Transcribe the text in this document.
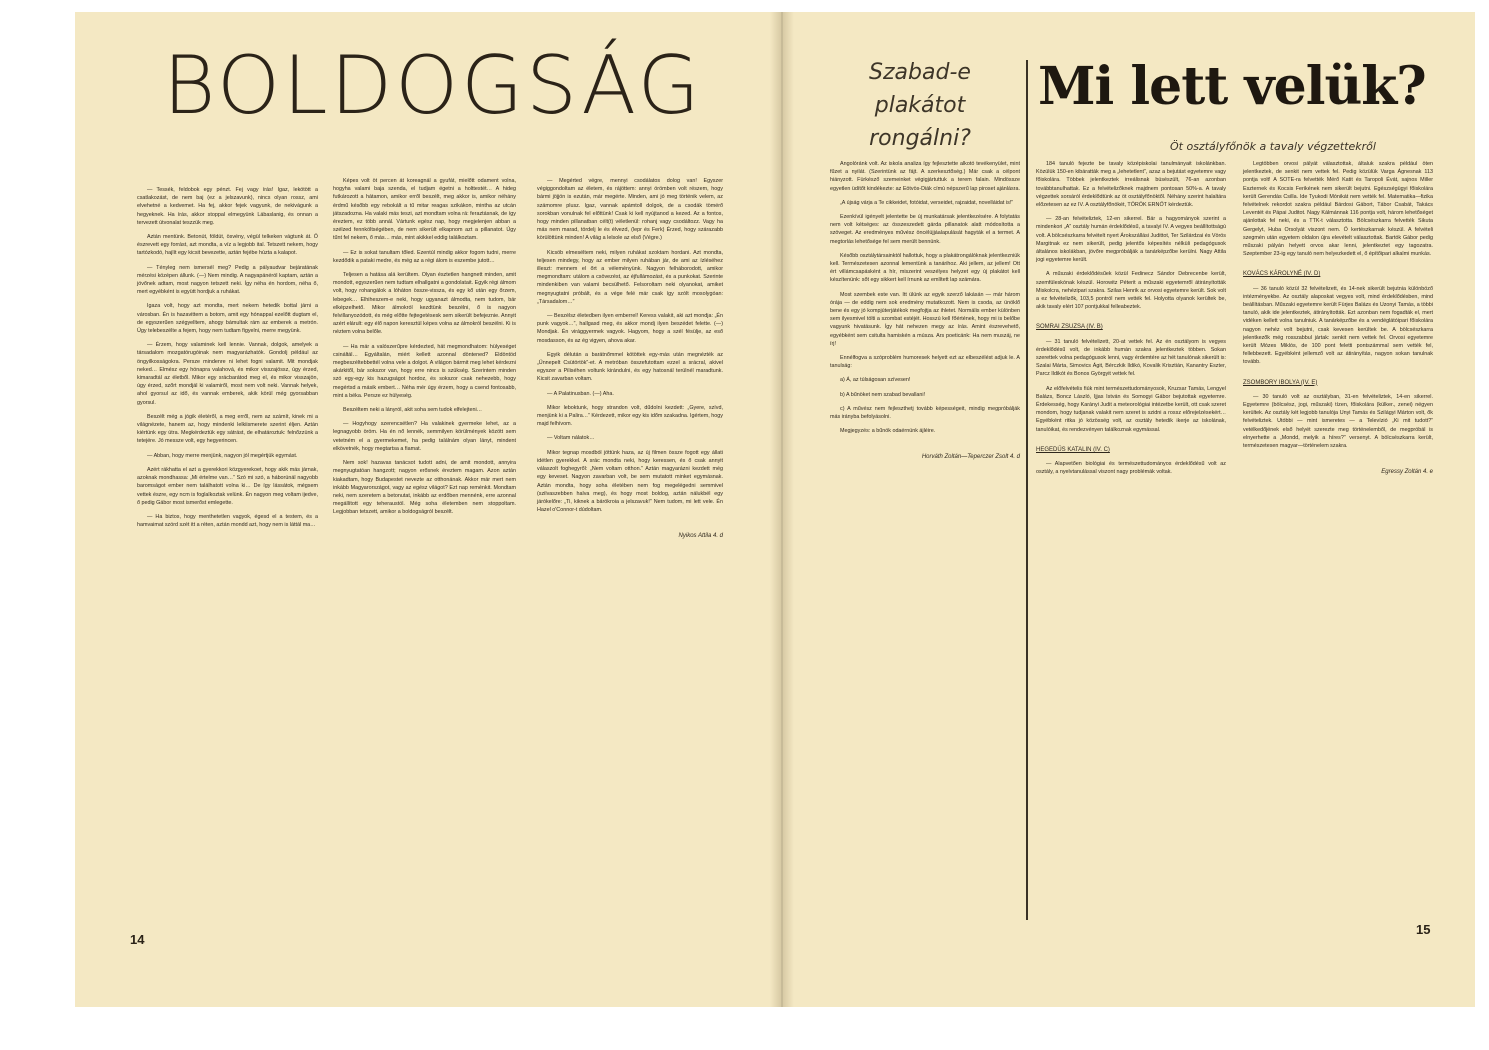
BOLDOGSÁG

— Tessék, feldobok egy pénzt. Fej vagy írás! Igaz, lekötött a csatlakozást, de nem baj (ez a jelszavunk), nincs olyan rossz, ami elvehetné a kedvemet. Ha fej, akkor fejek vagyunk, de nekivágunk a hegyeknek. Ha írás, akkor stoppal elmegyünk Lábaslanig, és onnan a tervezett útvonalat teszzük meg.

Aztán mentünk. Betonút, földút, ösvény, végül telkeken vágtunk át. Ő észrevett egy forrást, azt mondta, a víz a legjobb ital. Tetszett nekem, hogy tartózkodó, hajlít egy kicsit bevezette, aztán fejébe húzta a kalapot.

— Tényleg nem ismersél meg? Pedig a pályaudvar bejáratának mérzési középen állunk. (—) Nem mindig. A nagyapánéról kaptam, aztán a jövőnek adtam, most nagyon tetszett neki. Így néha én hordom, néha ő, mert egyébként is együtt hordjuk a ruhákat.

Igaza volt, hogy azt mondta, mert nekem hetedik bottal járni a városban. Én is hazavittem a botom, amit egy hónappal ezelőtt dugtam el, de egyszerűen szégyelltem, ahogy bámultak rám az emberek a metrón. Úgy telebeszélte a fejem, hogy nem tudtam figyelni, merre megyünk.

— Érzem, hogy valaminek kell lennie. Vannak, dolgok, amelyek a társadalom mozgatórugóinak nem magyarázhatók. Gondolj például az öngyilkosságokra. Persze mindenre ni lehet fogni valamit. Mit mondjak neked… Elmész egy hónapra valahová, és mikor visszajössz, úgy érzed, kimaradtál az életből. Mikor egy srácbarátod meg el, és mikor visszajön, úgy érzed, szőrt mondjál ki valamiről, most nem volt neki. Vannak helyek, ahol gyorsul az idő, és vannak emberek, akik körül még gyorsabban gyorsul.

Beszélt még a jógik életéről, a meg erről, nem az számít, kinek mi a világnézete, hanem az, hogy mindenki lelkiismerete szerint éljen. Aztán kiértünk egy útra. Megkérdeztük egy sátrást, de elhatároztuk: felnőzzünk a tetejére. Jó messze volt, egy hegyerincen.

— Abban, hogy merre menjünk, nagyon jól megértjük egymást.

Azért rákhatta el azt a gyerekkori közgyerekoet, hogy akik más járnak, azoknak mondhassa: „Mi értelme van…” Szó mi szó, a háborúnál nagyobb baromságot ember nem találhatott volna ki… De így lássátok, mégsem vettek észre, egy ncm is foglalkoztak velünk. Én nagyon meg voltam ijedve, ő pedig Gábor most ismerőst emlegette.

— Ha biztos, hogy menthetetlen vagyok, égesd el a testem, és a hamvaimat szórd szét itt a réten, aztán mondd azt, hogy nem is láttál ma…

Képes volt öt percen át koreagnál a gyufát, mielőtt odament volna, hogyha valami baja szenda, el tudjam égetni a holttestét… A hideg futkározott a hátamon, amikor erről beszélt, meg akkor is, amikor néhány érdmű később egy rebokált a tű mitar reagas szikákon, mintha az utcán játszadozna. Ha valaki más teszi, azt mondtam volna rá: feraztásnak, de így éreztem, ez több annál. Vártunk egész nap, hogy megjelenjen abban a szélzed fennköltségében, de nem sikerült elkapnom azt a pillanatot. Úgy tűnt fel nekem, ő más… más, mint akikkel eddig találkoztam.

— Ez is sokat tanultam tőled. Ezentúl mindig akkor fogom tudni, merre kezdődik a pataki medre, és még az a régi álom is eszembe jutott…

Teljesen a hatása alá kerültem. Olyan észtetlen hangnett minden, amit mondott, egyszerűen nem tudtam elhallgatni a gondolatait. Egyik régi álmom volt, hogy rohangálok a lóháton össze-vissza, és egy kő után egy őrzem, lebegek… Elhiheszem-e neki, hogy ugyanazt álmodta, nem tudom, bár elképzelhető. Mikor álmokról kezdtünk beszélni, ő is nagyon felvillanyozódott, és még előtte fejtegetésesk sem sikerült befejeznie. Annyit azért elárult: egy élő napon keresztül képes volna az álmokról beszélni. Ki is néztem volna belőle.

— Ha már a valószerűpre kérdezted, hát megmondhatom: hülyeséget csináltál… Egyáltalán, miért kellett azonnal döntened? Eldöntöd megbeszéltebbettél volna vele a dolgot. A világon bármit meg lehet kérdezni akárkitől, bár sokszor van, hogy erre nincs is szükség. Szerintem minden szó egy-egy kis hazugságot hordoz, és sokszor csak nehezebb, hogy megértsd a másik embert… Néha mér úgy érzem, hogy a csend fontosabb, mint a béka. Persze ez hülyeség.

Beszéltem neki a lányról, akit soha sem tudok elfelejteni…

— Hogyhogy szerencsétlen? Ha valakinek gyermeke lehet, az a legnagyobb öröm. Ha én nő lennék, semmilyen körülmények között sem vetetném el a gyermekemet, ha pedig találnám olyan lányt, mindent elkövetnék, hogy megtartsa a fiamat.

Nem sok! hazavas tanácsot tudott adni, de amit mondott, annyira megnyugtatóan hangzott; nagyon erősnek éreztem magam. Azon aztán kiakadtam, hogy Budapestet nevezte az otthonának. Akkor már mert nem inkább Magyarországot, vagy az egész világot? Ezt nap reménkit. Mondtam neki, nem szeretem a betonutat, inkább az erdőben mennénk, erre azonnal megállított egy teheraustól. Még soha életemben nem stoppoltam. Legjobban tetszett, amikor a boldogságról beszélt.

— Megérted végre, mennyi csodálatos dolog van! Egyszer végiggondoltam az életem, és rájöttem: annyi örömben volt részem, hogy bármi jöjjön is ezután, már megérte. Minden, ami jó meg történik velem, az számomre plusz. Igaz, vannak apámtoll dolgok, de a csodák tömérő sorokban vonulnak fel előttünk! Csak ki kell nyújtanod a kezed. Az a fontos, hogy minden pillanatban célt(t) véletlenül: rohanj vagy csodáltozz. Vagy ha más nem marad, tördelj le és élvezd, (lepr és Ferk) Érzed, hogy szárazabb körülöttünk minden! A világ a lelsole az első (Végre.)

Kicsöb elmeséltem neki, milyen ruhákat szoktam hordani. Azt mondta, teljesen mindegy, hogy az ember milyen ruhában jár, de ami az ízléséhez illeszt: mennem el őrt a véleményünk. Nagyon felháborodott, amikor megmondtam: utálom a csövezést, az éjfullámozást, és a punkokat. Szerinte mindenkiben van valami becsülhető. Felsoroltam neki olyanokat, amiket megnyugtatni próbált, és a vége felé már csak így szólt mosolygóan: „Társadalom…”

— Beszélsz életedben ilyen emberrel! Keress valakit, aki azt mondja: „Én punk vagyok…”, hallgasd meg, és akkor mondj ilyen beszédet felette. (—) Mondjak. Én virággyermek vagyok. Hagyom, hogy a szél fésülje, az eső mosdasson, és az ég vigyen, ahova akar.

Egyik délután a barátnőmmel kötöttek egy-más után megnézték az „Ünnepelt Csütörtök”-et. A metróban összefutottam ezzel a srácral, akivel egyszer a Piliséhen voltunk kirándulni, és egy hatosnál terülnél maradtunk. Kicsit zavarban voltam.

— A Palatinusban. (—) Aha.

Mikor leboktunk, hogy strandon volt, dűdolni kezdett: „Gyere, szívd, menjünk ki a Palira…” Kérdezett, mikor egy kis időm szakadna. Igértem, hogy majd felhívom.

— Voltam nálatok…

Mikor tegnap mosdból jöttünk haza, az új filmen össze fogott egy állati idétlen gyerekkel. A srác mondta neki, hogy keressen, és ő csak annyit válaszolt foghegyről: „Nem voltam otthon.” Aztán magyarázni kezdett még egy keveset. Nagyon zavarban volt, be sem mutatott minket egymásnak. Aztán mondta, hogy soha életében nem fog megelégedni semmivel (szilvaszebben halva meg), és hogy most boldog, aztán nálukbél egy járókelőre: „Ti, kiknek a bárökroia a jelszavuk!” Nem tudom, mi lett vele. Én Hazel o'Connor-t dúdoltam.

Nyikos Attila 4. d

14
Szabad-e
plakátot
rongálni?
Mi lett velük?
Öt osztályfőnök a tavaly végzettekről

Angolóránk volt. Az iskola analiza így fejlesztette alkotó tevékenyület, mint fűzet a nyilát. (Szerintünk az fájt. A szerkesztőség.) Már csak a célpont hiányzott. Fürkésző szemeinket végigjártuttuk a terem falain. Mindössze egyetlen üdítőt kindékezte: az Eötvös-Diák címú népszerű lap piroset ajánlásra.

„A újság várja a Te cikkeidet, fotóidat, verseidet, rajzaidat, novelláidat is!”

Ezenkívül igényelt jelentette be új munkatársak jelentkezésére. A folytatás nem volt kétséges: az összeszedett gárda pillanatok alatt módosította a szöveget. Az eredményes művész öncélújjáalapulását hagyták el a termet. A megtorlás lehetősége fel sem merült bennünk.

Később osztálytársainktól hallottuk, hogy a plakátrongálóknak jelentkezniük kell. Természetesen azonnal lementünk a tanárihoz. Aki jellem, az jellem! Ott ért villámcsapásként a hír, miszerint veszélyes helyzet egy új plakátot kell készítenünk: sőt egy sikkert kell írnunk az említett lap számára.

Most szembek este van. Itt ülünk az egyik szerző lakásán — már három órája — de eddig nem sok eredmény mutatkozott. Nem is csoda, az ünöklő bene és egy jó kompjúterjátékok megfojtja az ihletet. Normális ember különben sem ilyesmivel tölti a szombat estéjét. Hosszú kell főértének, hogy mi is belőbe vagyunk hivatásunk. Így hát nehezen megy az írás. Amint észrevehető, egyébként sem csitulta hamiskén a músza. Ars poeticánk: Ha nem muszáj, ne írj!

Ennélfogva a szóproblém humoresek helyett ezt az elbeszélést adjuk le. A tanulság:

a) Á, az túlságosan szívesen!

b) A bűnöket nem szabad bevallani!

c) A művész nem fejleszthetj tovább képességeit, mindig megpróbálják más irányba befolyásolni.

Megjegyzés: a bűnök odaérnünk ájléire.

Horváth Zoltán—Teperczer Zsolt 4. d

184 tanuló fejezte be tavaly középiskolai tanulmányait iskolánkban. Közülük 150-en kibáratták meg a „lehetetlent”, azaz a bejutást egyetemre vagy főiskolára. Többek jelentkeztek irreálisnak búsészült, 76-an azonban továbbtanulhattak. Ez a felvételizőknek majdnem pontosan 50%-a. A tavaly végzettek sorsáról érdeklődtünk az öt osztályfőnöktől. Néhány szerint halaltára előzetesen az ez IV. A osztályfőnökét, TÖRÖK ERNŐT kérdeztük.

— 28-an felvételiztek, 12-en sikerrel. Bár a hagyományok szerint a mindenkori „A” osztály humán érdeklődésű, a tavalyi IV. A vegyes beállítottságú volt. A bölcsészkarra felvételt nyert Árokszállási Judittot, Ter Szilárdzai és Vörös Margitnak ez nem sikerült, pedig jelentős képesítés nélküli pedagógusok általános iskolákban, jövőre megpróbálják a tanárképzőbe kerülni. Nagy Attila jogi egyetemre került.

A műszaki érdeklődésűek közül Fedinecz Sándor Debrecenbe került, szemfüleskónak készül. Horowitz Péterit a műszaki egyetemről átirányították Miskolcra, nehézipari szakra. Szilas Henrik az orvosi egyetemre került. Sok volt a ez felvételizők, 103,5 pontról nem vették fel. Holyotta olyanok kerültek be, akik tavaly elért 107 pontjukkal felleabeztek.

SOMRAI ZSUZSA (IV. B)

— 31 tanuló felvételizett, 20-at vettek fel. Az én osztályom is vegyes érdeklődésű volt, de inkább humán szakra jelentkeztek többen. Sokan szerettek volna pedagógusok lenni, vagy érdemtére az hét tanulónak sikerült is: Szalai Márta, Simovics Ágit, Bérczkik Ildikó, Kovalik Krisztián, Kanantry Eszter, Parcz Ildikót és Bonos Györgyit vettek fel.

Az előfelvételis fiúk mint természettudományosok, Kruzsar Tamás, Lengyel Balázs, Boncz László, Ijjas István és Somogyi Gábor bejutottak egyetemre. Érdekesség, hogy Karányi Judit a meteorológiai intézetbe került, ott csak szeret mondom, hogy tudjanak valakit nem szeret is szidni a rossz előrejelzésekért… Egyébként ritka jó közösség volt, az osztály hetedik ikerje az iskolának, tanulóikat, és rendezvényen találkoznak egymással.

HEGEDŰS KATALIN (IV. C)

— Alapvetően biológiai és természettudományos érdeklődésű volt az osztály, a nyelvtanulással viszont nagy problémák voltak.

Legtöbben orvosi pályát választottak, általuk szakra például öten jelentkeztek, de senkit nem vettek fel. Pedig közülük Varga Ágnesnak 113 pontja volt! A SOTE-ra felvették Mérő Katit és Taropoli Évát, sajnos Miller Eszternek és Kocsis Ferikének nem sikerült bejutni. Egészségügyi főiskolára került Gerendás Csilla. Ide Tyukodi Mónikát nem vették fel. Matematika—fizika felvételnek rekordot szakra például Bárdosi Gábort, Tábor Csabát, Takács Leventét és Pápai Juditot. Nagy Kálmánnak 116 pontja volt, három lehetőséget ajánlottak fel neki, és a TTK-t választotta. Bölcsészkarra felvették Sikuta Gergelyt, Huba Orsolyát viszont nem. Ő kertészkarnak készül. A felvételi szegmén után egyetem oldalon újra elevételt választottak. Bartók Gábor pedig műszaki pályán helyett orvos akar lenni, jelentkeztet egy tagozatra. Szeptember 23-ig egy tanuló nem helyezkedett el, ő építőipari alkalmi munkás.

KOVÁCS KÁROLYNÉ (IV. D)

— 36 tanuló közül 32 felvételizett, és 14-nek sikerült bejutnia különböző intézményekbe. Az osztály alaposkat vegyes volt, mind érdeklődésben, mind beállításban. Műszaki egyetemre került Fürjes Balázs és Uzonyi Tamás, a többi tanuló, akik ide jelentkeztek, átirányították. Ezt azonban nem fogadták el, mert vidéken kellett volna tanulniuk. A tanárképzőbe és a vendéglátóipari főiskolára nagyon nehéz volt bejutni, csak kevesen kerültek be. A bölcsészkarra jelentkezők még rosszabbul jártak: senkit nem vettek fel. Orvosi egyetemre került Mózes Miklós, de 100 pont feletti pontszámmal sem vették fel, fellebbezett. Egyébként jellemző volt az átirányítás, nagyon sokan tanulnak tovább.

ZSOMBORY IBOLYA (IV. E)

— 30 tanuló volt az osztályban, 31-en felvételiztek, 14-en sikerrel. Egyetemre (bölcsész, jogi, műszaki) tízen, főiskolára (külker., zenei) négyen kerültek. Az osztály két legjobb tanulója Unyi Tamás és Szilágyi Márton volt, ők felvételiztek. Utóbbi — mint ismeretes — a Televízió „Ki mit tudott?” vetélkedőjének első helyét szerezte meg történelemből, de megpróbál is elnyerhette a „Mondd, melyik a híres?” versenyt. A bölcsészkarra került, természetesen magyar—történelem szakra.

Egressy Zoltán 4. e

15
